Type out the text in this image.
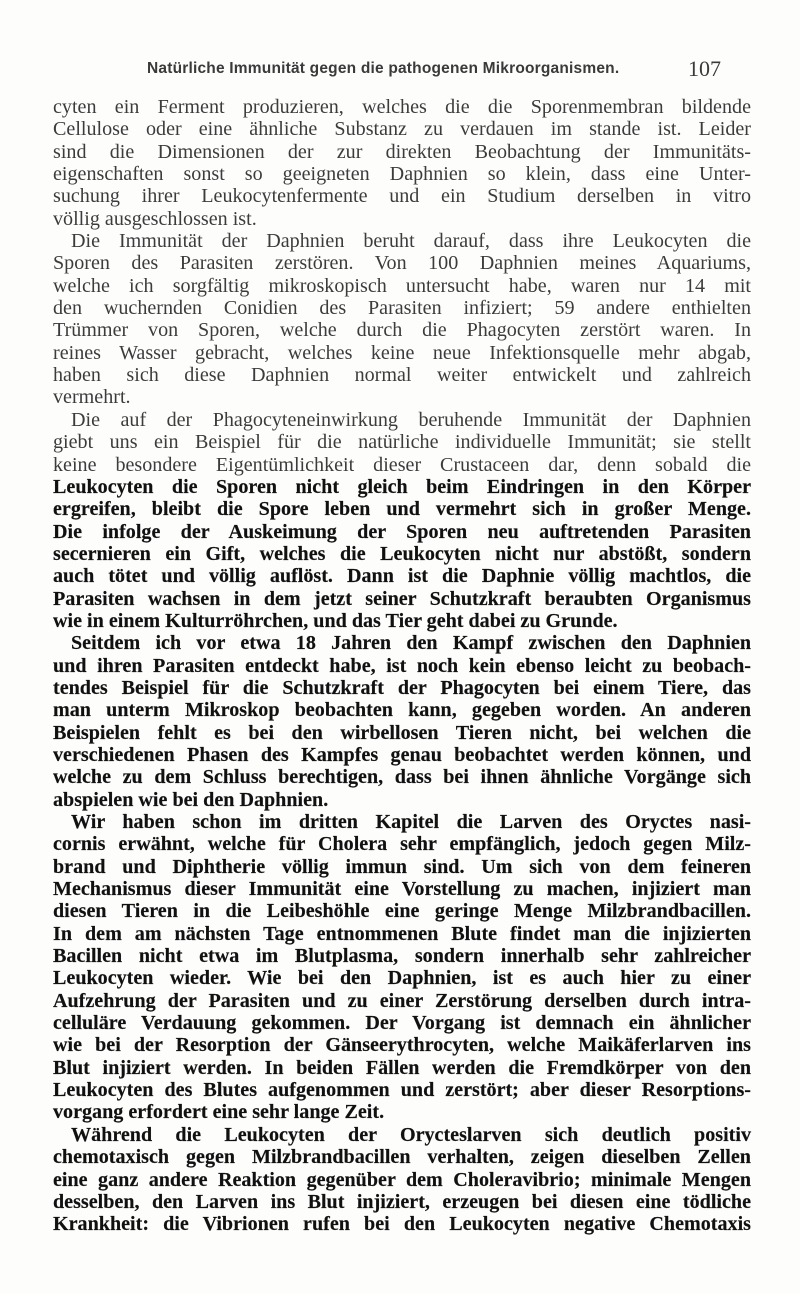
Natürliche Immunität gegen die pathogenen Mikroorganismen.	107
cyten ein Ferment produzieren, welches die die Sporenmembran bildende
Cellulose oder eine ähnliche Substanz zu verdauen im stande ist. Leider
sind die Dimensionen der zur direkten Beobachtung der Immunitäts-
eigenschaften sonst so geeigneten Daphnien so klein, dass eine Unter-
suchung ihrer Leukocytenfermente und ein Studium derselben in vitro
völlig ausgeschlossen ist.
Die Immunität der Daphnien beruht darauf, dass ihre Leukocyten die
Sporen des Parasiten zerstören. Von 100 Daphnien meines Aquariums,
welche ich sorgfältig mikroskopisch untersucht habe, waren nur 14 mit
den wuchernden Conidien des Parasiten infiziert; 59 andere enthielten
Trümmer von Sporen, welche durch die Phagocyten zerstört waren. In
reines Wasser gebracht, welches keine neue Infektionsquelle mehr abgab,
haben sich diese Daphnien normal weiter entwickelt und zahlreich
vermehrt.
Die auf der Phagocyteneinwirkung beruhende Immunität der Daphnien
giebt uns ein Beispiel für die natürliche individuelle Immunität; sie stellt
keine besondere Eigentümlichkeit dieser Crustaceen dar, denn sobald die
Leukocyten die Sporen nicht gleich beim Eindringen in den Körper
ergreifen, bleibt die Spore leben und vermehrt sich in großer Menge.
Die infolge der Auskeimung der Sporen neu auftretenden Parasiten
secernieren ein Gift, welches die Leukocyten nicht nur abstößt, sondern
auch tötet und völlig auflöst. Dann ist die Daphnie völlig machtlos, die
Parasiten wachsen in dem jetzt seiner Schutzkraft beraubten Organismus
wie in einem Kulturröhrchen, und das Tier geht dabei zu Grunde.
Seitdem ich vor etwa 18 Jahren den Kampf zwischen den Daphnien
und ihren Parasiten entdeckt habe, ist noch kein ebenso leicht zu beobach-
tendes Beispiel für die Schutzkraft der Phagocyten bei einem Tiere, das
man unterm Mikroskop beobachten kann, gegeben worden. An anderen
Beispielen fehlt es bei den wirbellosen Tieren nicht, bei welchen die
verschiedenen Phasen des Kampfes genau beobachtet werden können, und
welche zu dem Schluss berechtigen, dass bei ihnen ähnliche Vorgänge sich
abspielen wie bei den Daphnien.
Wir haben schon im dritten Kapitel die Larven des Oryctes nasi-
cornis erwähnt, welche für Cholera sehr empfänglich, jedoch gegen Milz-
brand und Diphtherie völlig immun sind. Um sich von dem feineren
Mechanismus dieser Immunität eine Vorstellung zu machen, injiziert man
diesen Tieren in die Leibeshöhle eine geringe Menge Milzbrandbacillen.
In dem am nächsten Tage entnommenen Blute findet man die injizierten
Bacillen nicht etwa im Blutplasma, sondern innerhalb sehr zahlreicher
Leukocyten wieder. Wie bei den Daphnien, ist es auch hier zu einer
Aufzehrung der Parasiten und zu einer Zerstörung derselben durch intra-
celluläre Verdauung gekommen. Der Vorgang ist demnach ein ähnlicher
wie bei der Resorption der Gänseerythrocyten, welche Maikäferlarven ins
Blut injiziert werden. In beiden Fällen werden die Fremdkörper von den
Leukocyten des Blutes aufgenommen und zerstört; aber dieser Resorptions-
vorgang erfordert eine sehr lange Zeit.
Während die Leukocyten der Orycteslarven sich deutlich positiv
chemotaxisch gegen Milzbrandbacillen verhalten, zeigen dieselben Zellen
eine ganz andere Reaktion gegenüber dem Choleravibrio; minimale Mengen
desselben, den Larven ins Blut injiziert, erzeugen bei diesen eine tödliche
Krankheit: die Vibrionen rufen bei den Leukocyten negative Chemotaxis
